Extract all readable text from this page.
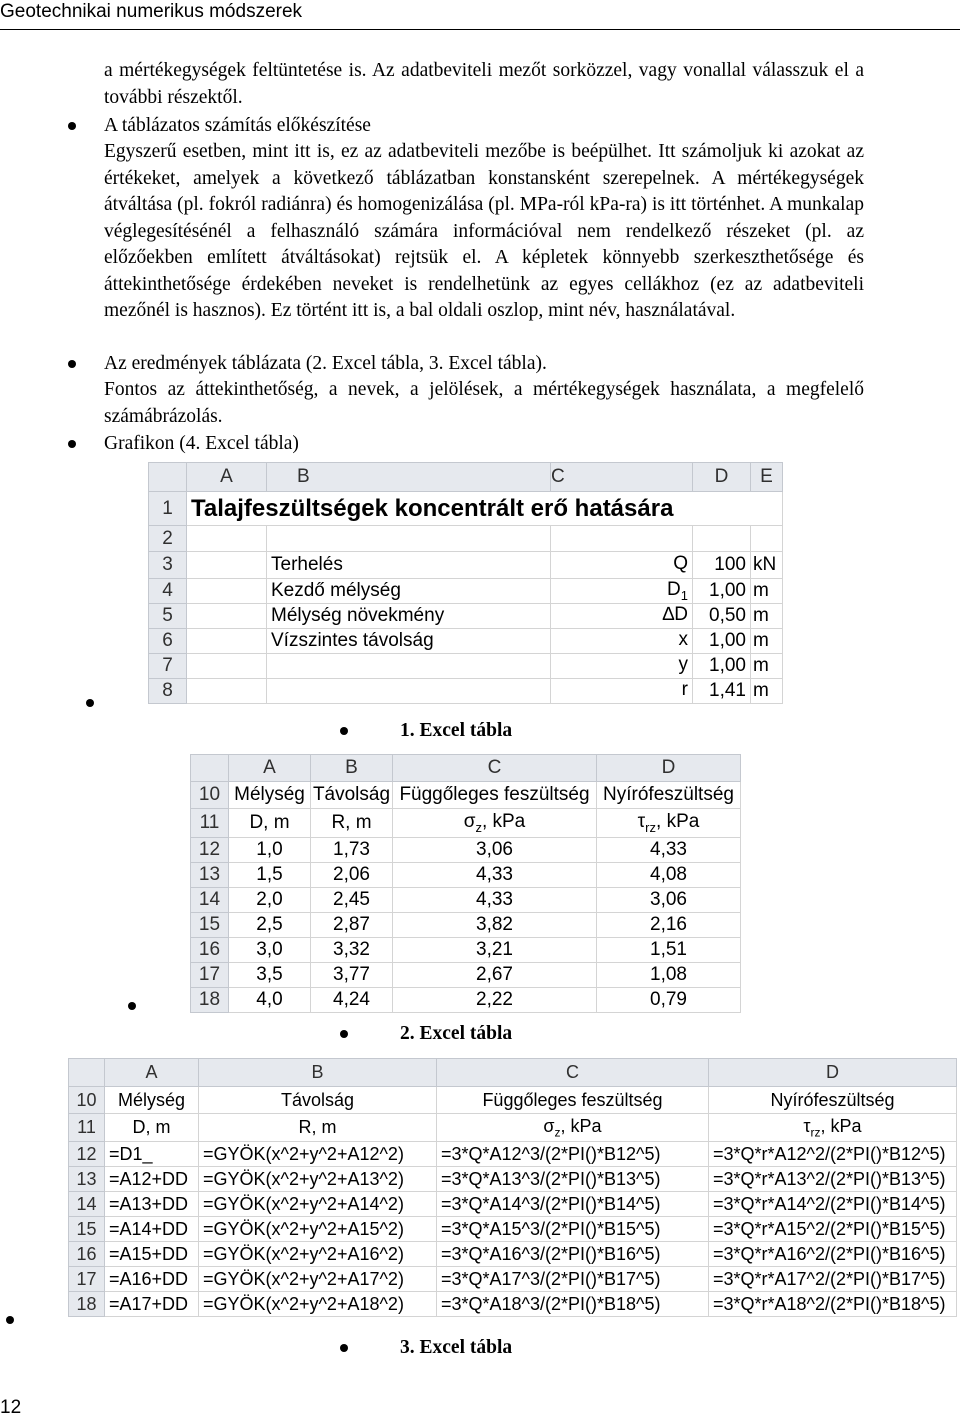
Geotechnikai numerikus módszerek
a mértékegységek feltüntetése is. Az adatbeviteli mezőt sorközzel, vagy vonallal válasszuk el a további részektől.
A táblázatos számítás előkészítése
Egyszerű esetben, mint itt is, ez az adatbeviteli mezőbe is beépülhet. Itt számoljuk ki azokat az értékeket, amelyek a következő táblázatban konstansként szerepelnek. A mértékegységek átváltása (pl. fokról radiánra) és homogenizálása (pl. MPa-ról kPa-ra) is itt történhet. A munkalap véglegesítésénél a felhasználó számára információval nem rendelkező részeket (pl. az előzőekben említett átváltásokat) rejtsük el. A képletek könnyebb szerkeszthetősége és áttekinthetősége érdekében neveket is rendelhetünk az egyes cellákhoz (ez az adatbeviteli mezőnél is hasznos). Ez történt itt is, a bal oldali oszlop, mint név, használatával.
Az eredmények táblázata (2. Excel tábla, 3. Excel tábla).
Fontos az áttekinthetőség, a nevek, a jelölések, a mértékegységek használata, a megfelelő számábrázolás.
Grafikon (4. Excel tábla)
	A	B	C	D	E	
1	Talajfeszültségek koncentrált erő hatására					
2						
3		Terhelés	Q	100	kN	
4		Kezdő mélység	$D_1$	1,00	m	
5		Mélység növekmény	∆D	0,50	m	
6		Vízszintes távolság	x	1,00	m	
7			y	1,00	m	
8			r	1,41	m	
1. Excel tábla
	A	B	C	D
10	Mélység	Távolság	Függőleges feszültség	Nyírófeszültség
11	D, m	R, m	$\sigma_z$, kPa	$\tau_{rz}$, kPa
12	1,0	1,73	3,06	4,33
13	1,5	2,06	4,33	4,08
14	2,0	2,45	4,33	3,06
15	2,5	2,87	3,82	2,16
16	3,0	3,32	3,21	1,51
17	3,5	3,77	2,67	1,08
18	4,0	4,24	2,22	0,79
2. Excel tábla
	A	B	C	D
10	Mélység	Távolság	Függőleges feszültség	Nyírófeszültség
11	D, m	R, m	$\sigma_z$, kPa	$\tau_{rz}$, kPa
12	=D1_	=GYÖK(x^2+y^2+A12^2)	=3*Q*A12^3/(2*PI()*B12^5)	=3*Q*r*A12^2/(2*PI()*B12^5)
13	=A12+DD	=GYÖK(x^2+y^2+A13^2)	=3*Q*A13^3/(2*PI()*B13^5)	=3*Q*r*A13^2/(2*PI()*B13^5)
14	=A13+DD	=GYÖK(x^2+y^2+A14^2)	=3*Q*A14^3/(2*PI()*B14^5)	=3*Q*r*A14^2/(2*PI()*B14^5)
15	=A14+DD	=GYÖK(x^2+y^2+A15^2)	=3*Q*A15^3/(2*PI()*B15^5)	=3*Q*r*A15^2/(2*PI()*B15^5)
16	=A15+DD	=GYÖK(x^2+y^2+A16^2)	=3*Q*A16^3/(2*PI()*B16^5)	=3*Q*r*A16^2/(2*PI()*B16^5)
17	=A16+DD	=GYÖK(x^2+y^2+A17^2)	=3*Q*A17^3/(2*PI()*B17^5)	=3*Q*r*A17^2/(2*PI()*B17^5)
18	=A17+DD	=GYÖK(x^2+y^2+A18^2)	=3*Q*A18^3/(2*PI()*B18^5)	=3*Q*r*A18^2/(2*PI()*B18^5)
3. Excel tábla
12
